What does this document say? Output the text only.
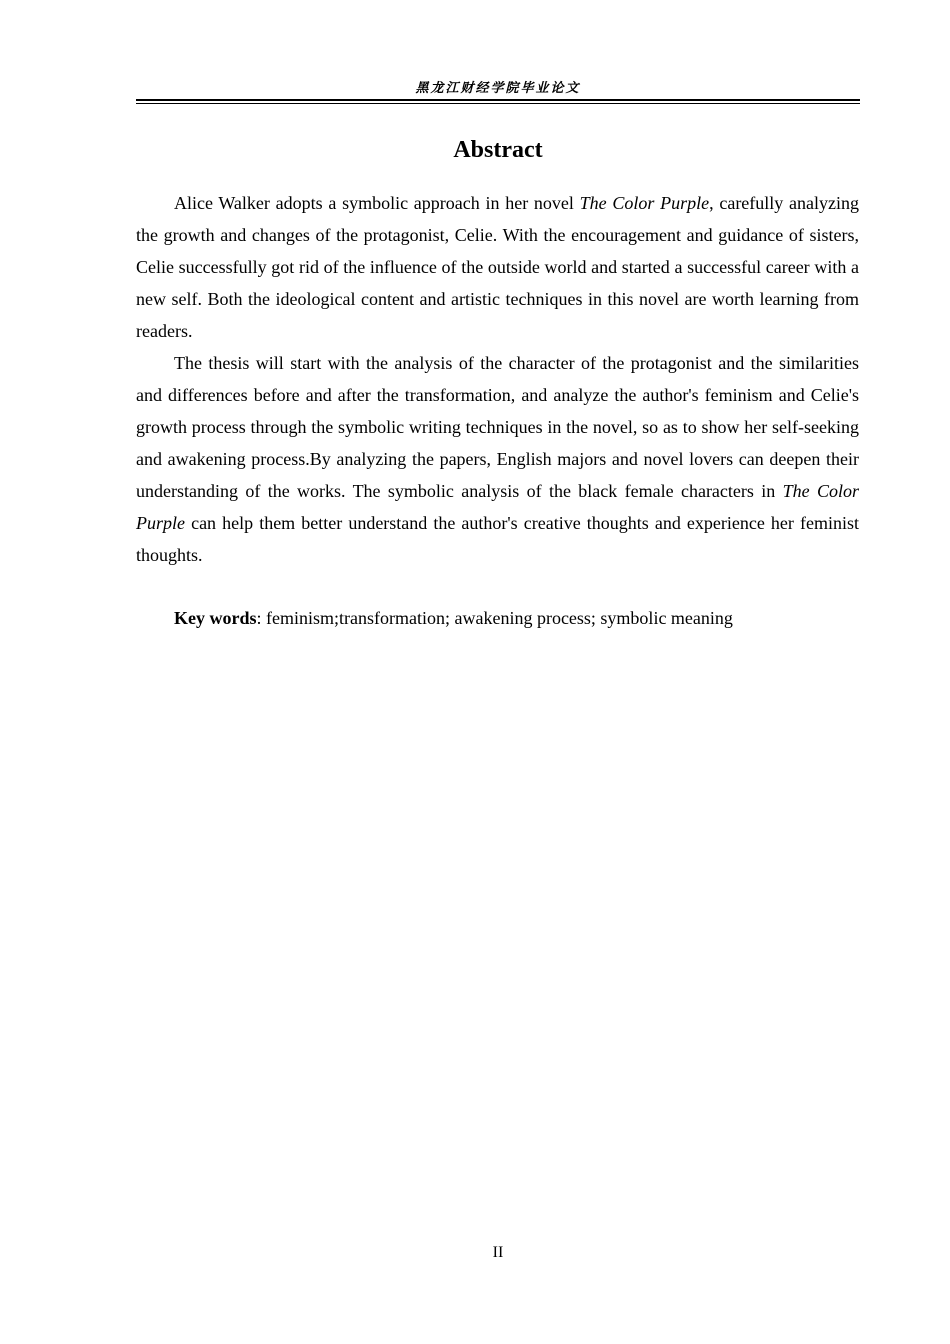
黑龙江财经学院毕业论文
Abstract

Alice Walker adopts a symbolic approach in her novel The Color Purple, carefully analyzing the growth and changes of the protagonist, Celie. With the encouragement and guidance of sisters, Celie successfully got rid of the influence of the outside world and started a successful career with a new self. Both the ideological content and artistic techniques in this novel are worth learning from readers.

The thesis will start with the analysis of the character of the protagonist and the similarities and differences before and after the transformation, and analyze the author's feminism and Celie's growth process through the symbolic writing techniques in the novel, so as to show her self-seeking and awakening process.By analyzing the papers, English majors and novel lovers can deepen their understanding of the works. The symbolic analysis of the black female characters in The Color Purple can help them better understand the author's creative thoughts and experience her feminist thoughts.

Key words: feminism;transformation; awakening process; symbolic meaning
II
